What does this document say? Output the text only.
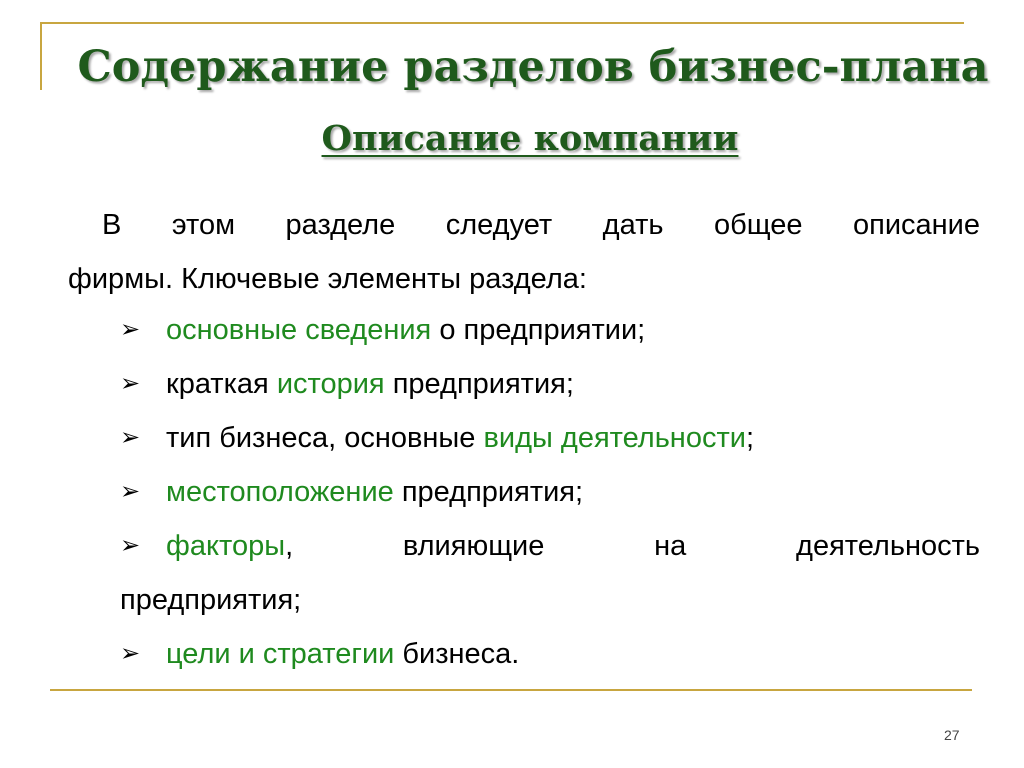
Содержание разделов бизнес-плана
Описание компании
В этом разделе следует дать общее описание
фирмы. Ключевые элементы раздела:
➢ основные сведения о предприятии;
➢ краткая история предприятия;
➢ тип бизнеса, основные виды деятельности;
➢ местоположение предприятия;
➢ факторы ,	влияющие	на	деятельность
предприятия;
➢ цели и стратегии бизнеса.
27
